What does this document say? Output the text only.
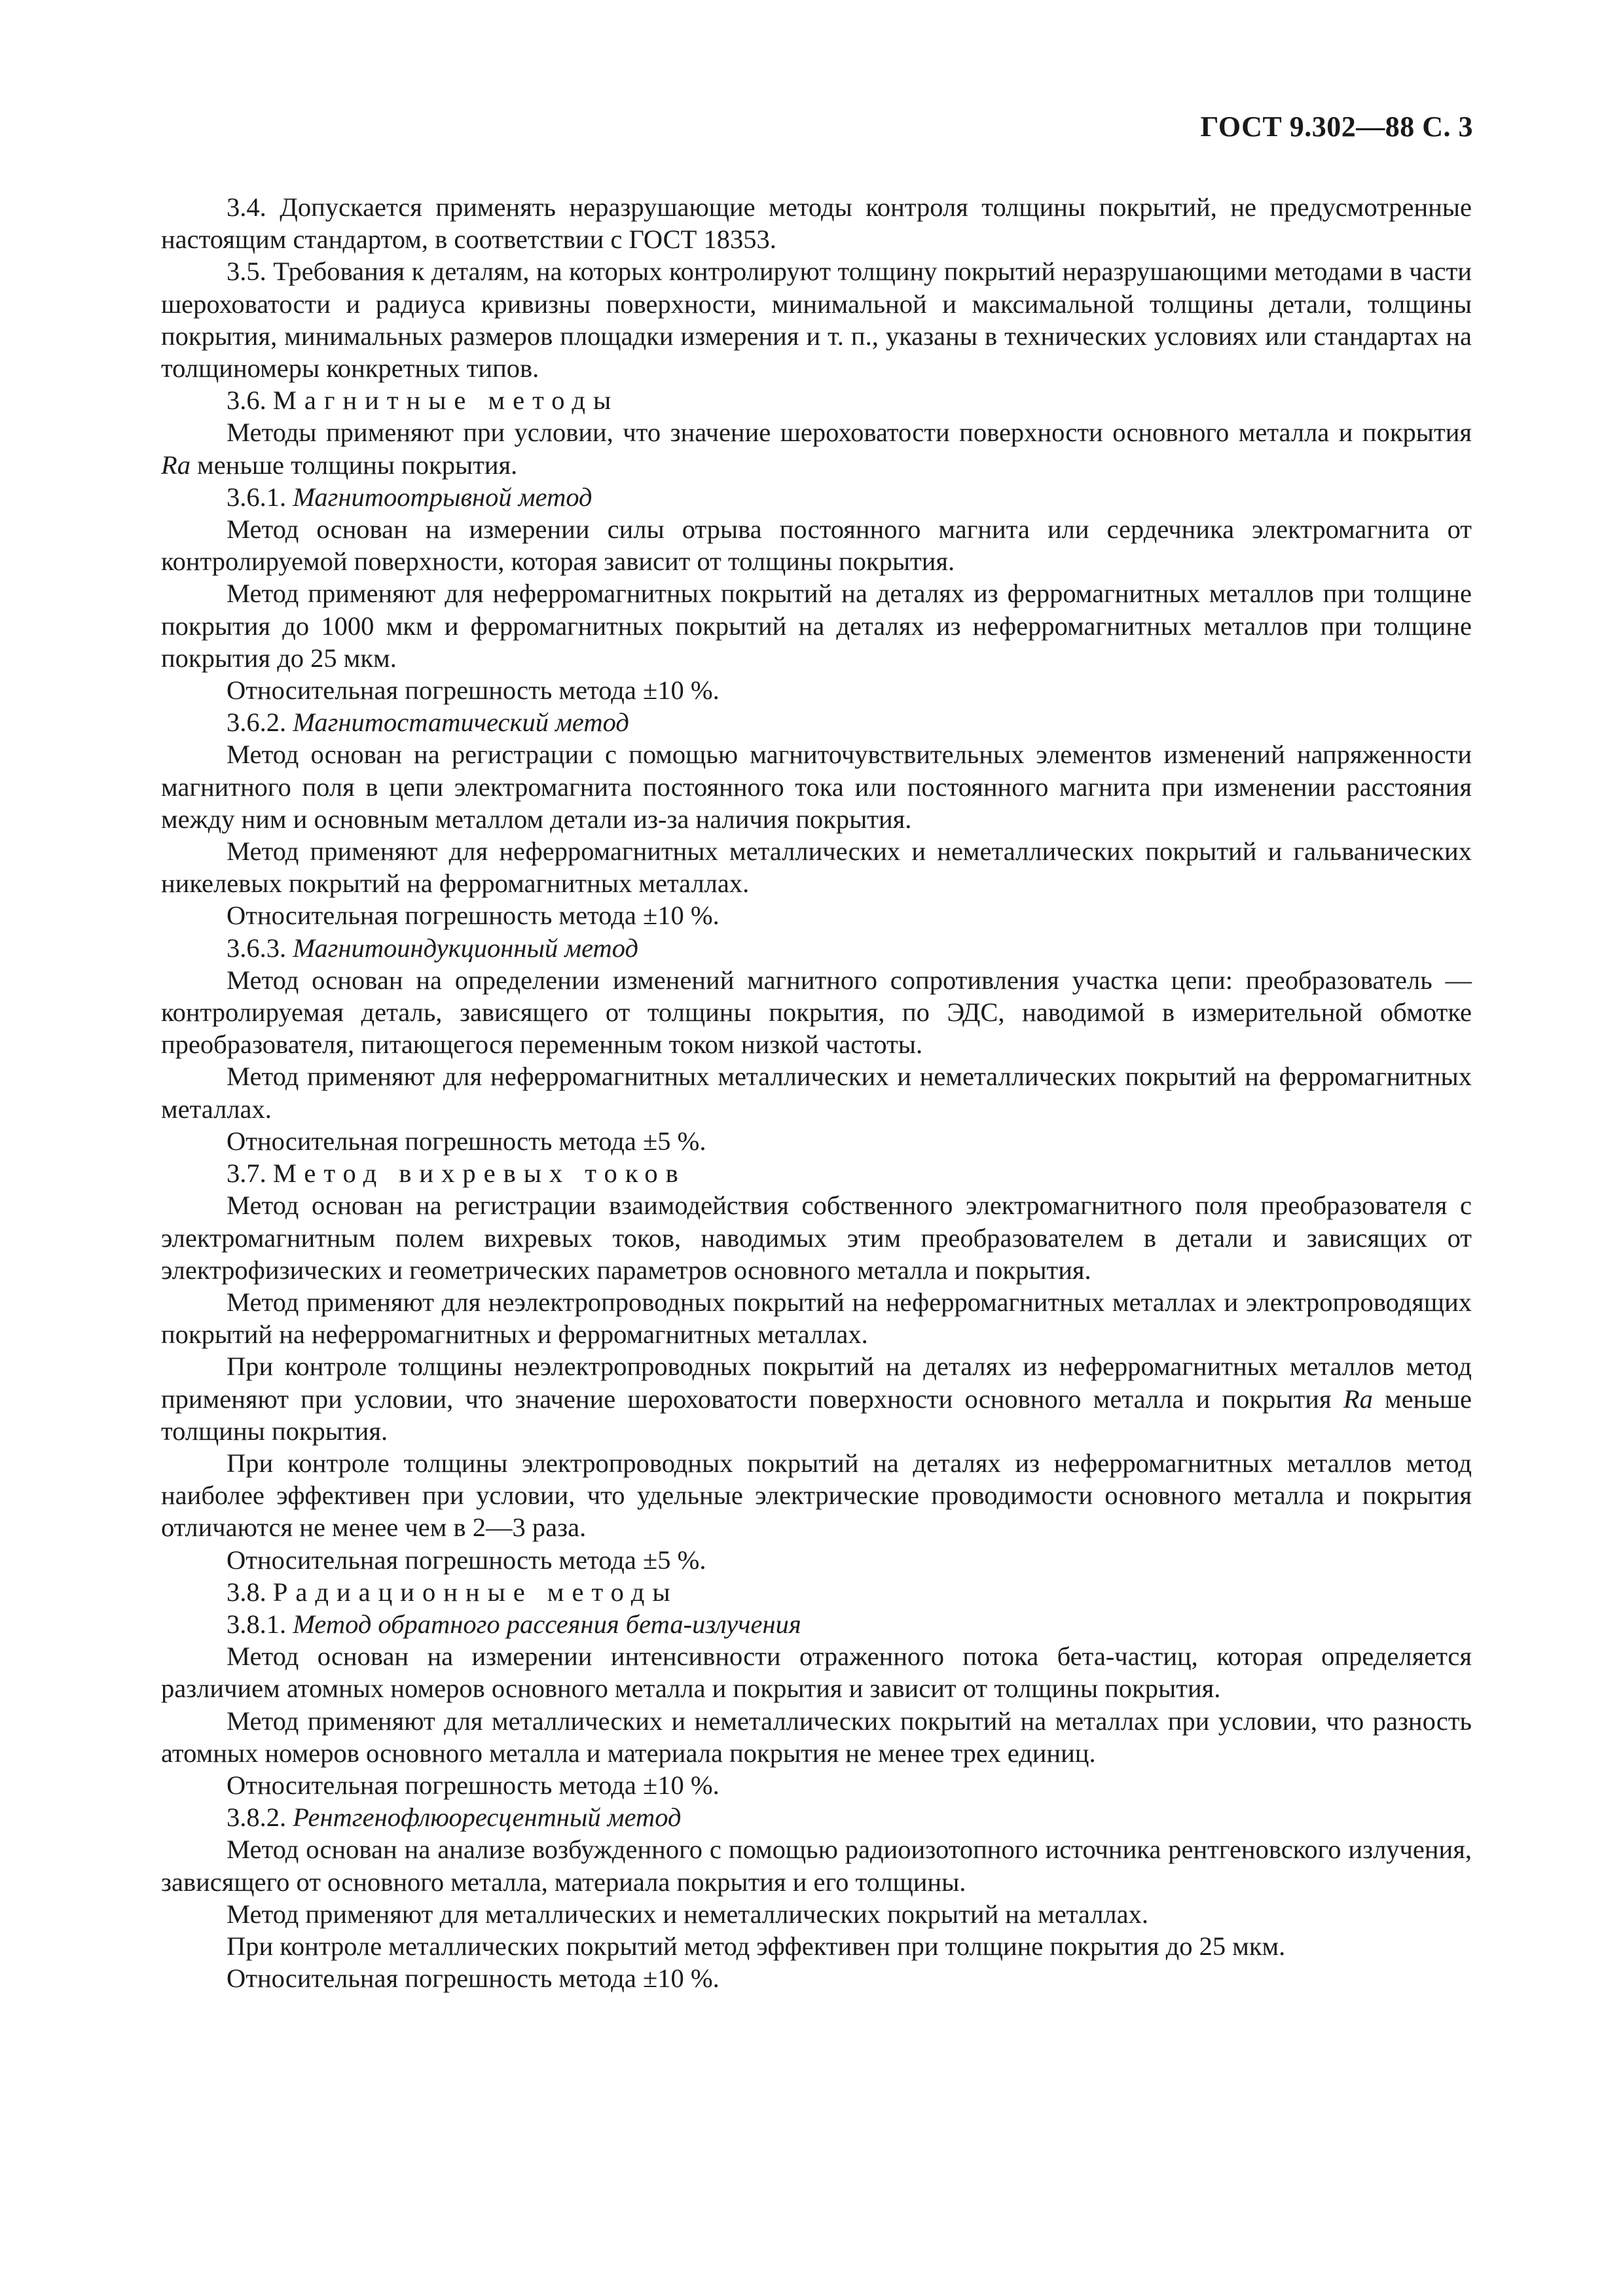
ГОСТ 9.302—88 С. 3

3.4. Допускается применять неразрушающие методы контроля толщины покрытий, не предусмотренные настоящим стандартом, в соответствии с ГОСТ 18353.

3.5. Требования к деталям, на которых контролируют толщину покрытий неразрушающими методами в части шероховатости и радиуса кривизны поверхности, минимальной и максимальной толщины детали, толщины покрытия, минимальных размеров площадки измерения и т. п., указаны в технических условиях или стандартах на толщиномеры конкретных типов.

3.6. Магнитные методы

Методы применяют при условии, что значение шероховатости поверхности основного металла и покрытия Ra меньше толщины покрытия.

3.6.1. Магнитоотрывной метод

Метод основан на измерении силы отрыва постоянного магнита или сердечника электромагнита от контролируемой поверхности, которая зависит от толщины покрытия.

Метод применяют для неферромагнитных покрытий на деталях из ферромагнитных металлов при толщине покрытия до 1000 мкм и ферромагнитных покрытий на деталях из неферромагнитных металлов при толщине покрытия до 25 мкм.

Относительная погрешность метода ±10 %.

3.6.2. Магнитостатический метод

Метод основан на регистрации с помощью магниточувствительных элементов изменений напряженности магнитного поля в цепи электромагнита постоянного тока или постоянного магнита при изменении расстояния между ним и основным металлом детали из-за наличия покрытия.

Метод применяют для неферромагнитных металлических и неметаллических покрытий и гальванических никелевых покрытий на ферромагнитных металлах.

Относительная погрешность метода ±10 %.

3.6.3. Магнитоиндукционный метод

Метод основан на определении изменений магнитного сопротивления участка цепи: преобразователь — контролируемая деталь, зависящего от толщины покрытия, по ЭДС, наводимой в измерительной обмотке преобразователя, питающегося переменным током низкой частоты.

Метод применяют для неферромагнитных металлических и неметаллических покрытий на ферромагнитных металлах.

Относительная погрешность метода ±5 %.

3.7. Метод вихревых токов

Метод основан на регистрации взаимодействия собственного электромагнитного поля преобразователя с электромагнитным полем вихревых токов, наводимых этим преобразователем в детали и зависящих от электрофизических и геометрических параметров основного металла и покрытия.

Метод применяют для неэлектропроводных покрытий на неферромагнитных металлах и электропроводящих покрытий на неферромагнитных и ферромагнитных металлах.

При контроле толщины неэлектропроводных покрытий на деталях из неферромагнитных металлов метод применяют при условии, что значение шероховатости поверхности основного металла и покрытия Ra меньше толщины покрытия.

При контроле толщины электропроводных покрытий на деталях из неферромагнитных металлов метод наиболее эффективен при условии, что удельные электрические проводимости основного металла и покрытия отличаются не менее чем в 2—3 раза.

Относительная погрешность метода ±5 %.

3.8. Радиационные методы

3.8.1. Метод обратного рассеяния бета-излучения

Метод основан на измерении интенсивности отраженного потока бета-частиц, которая определяется различием атомных номеров основного металла и покрытия и зависит от толщины покрытия.

Метод применяют для металлических и неметаллических покрытий на металлах при условии, что разность атомных номеров основного металла и материала покрытия не менее трех единиц.

Относительная погрешность метода ±10 %.

3.8.2. Рентгенофлюоресцентный метод

Метод основан на анализе возбужденного с помощью радиоизотопного источника рентгеновского излучения, зависящего от основного металла, материала покрытия и его толщины.

Метод применяют для металлических и неметаллических покрытий на металлах.

При контроле металлических покрытий метод эффективен при толщине покрытия до 25 мкм.

Относительная погрешность метода ±10 %.
